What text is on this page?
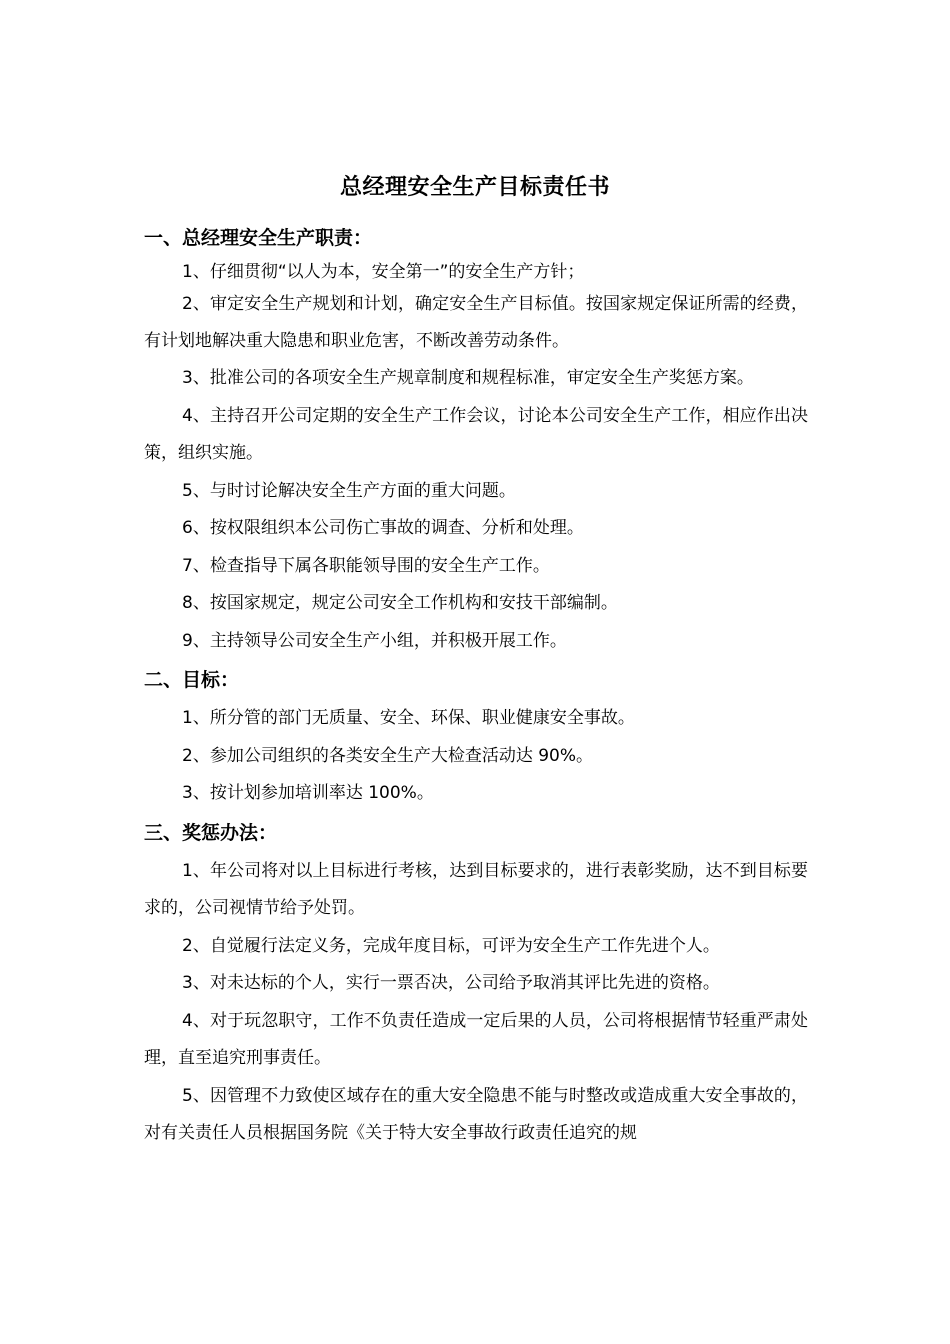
总经理安全生产目标责任书
一、总经理安全生产职责：

1、仔细贯彻“以人为本，安全第一”的安全生产方针；

2、审定安全生产规划和计划，确定安全生产目标值。按国家规定保证所需的经费，有计划地解决重大隐患和职业危害，不断改善劳动条件。

3、批准公司的各项安全生产规章制度和规程标准，审定安全生产奖惩方案。

4、主持召开公司定期的安全生产工作会议，讨论本公司安全生产工作，相应作出决策，组织实施。

5、与时讨论解决安全生产方面的重大问题。

6、按权限组织本公司伤亡事故的调查、分析和处理。

7、检查指导下属各职能领导围的安全生产工作。

8、按国家规定，规定公司安全工作机构和安技干部编制。

9、主持领导公司安全生产小组，并积极开展工作。

二、目标：

1、所分管的部门无质量、安全、环保、职业健康安全事故。

2、参加公司组织的各类安全生产大检查活动达 90%。

3、按计划参加培训率达 100%。

三、奖惩办法：

1、年公司将对以上目标进行考核，达到目标要求的，进行表彰奖励，达不到目标要求的，公司视情节给予处罚。

2、自觉履行法定义务，完成年度目标，可评为安全生产工作先进个人。

3、对未达标的个人，实行一票否决，公司给予取消其评比先进的资格。

4、对于玩忽职守，工作不负责任造成一定后果的人员，公司将根据情节轻重严肃处理，直至追究刑事责任。

5、因管理不力致使区域存在的重大安全隐患不能与时整改或造成重大安全事故的，对有关责任人员根据国务院《关于特大安全事故行政责任追究的规
